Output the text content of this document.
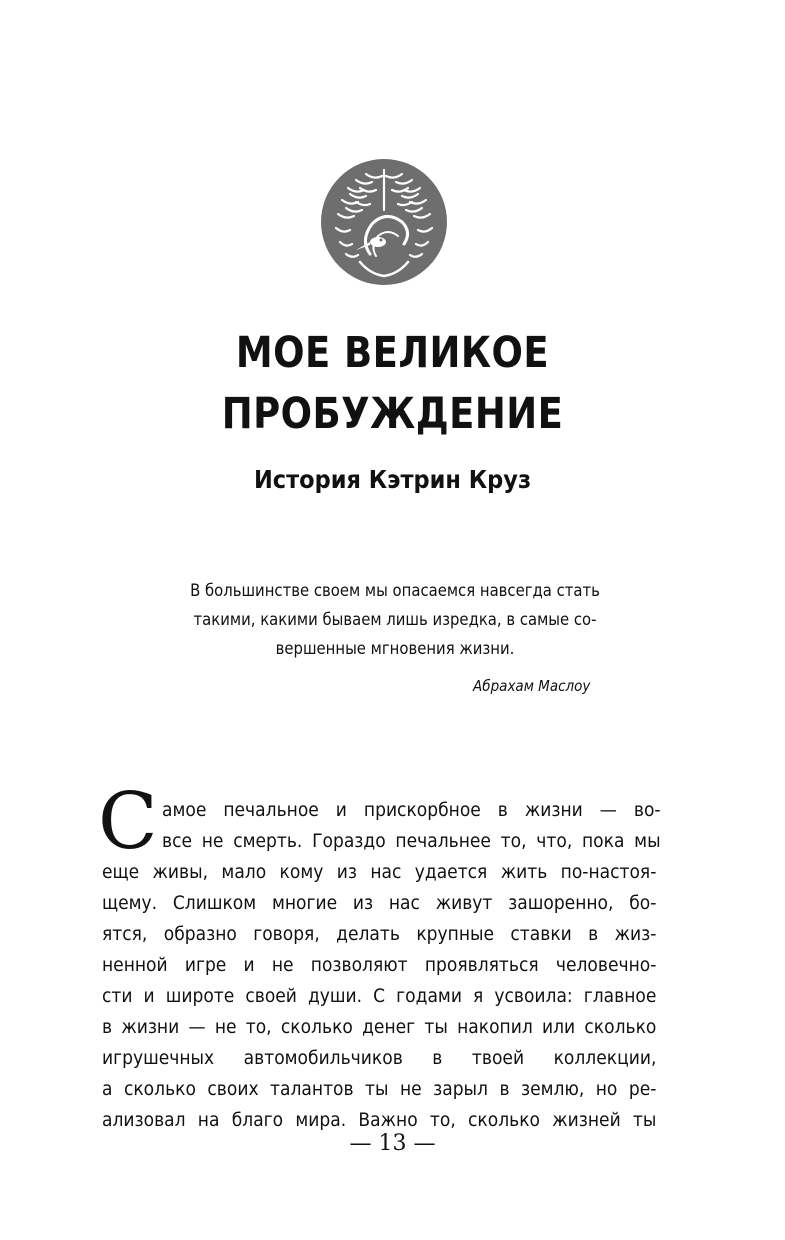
МОЕ ВЕЛИКОЕ
ПРОБУЖДЕНИЕ
История Кэтрин Круз

В большинстве своем мы опасаемся навсегда стать

такими, какими бываем лишь изредка, в самые со-

вершенные мгновения жизни.

Абрахам Маслоу

С амое печальное и прискорбное в жизни — во-
все не смерть. Гораздо печальнее то, что, пока мы
еще живы, мало кому из нас удается жить по-настоя-
щему. Слишком многие из нас живут зашоренно, бо-
ятся, образно говоря, делать крупные ставки в жиз-
ненной игре и не позволяют проявляться человечно-
сти и широте своей души. С годами я усвоила: главное
в жизни — не то, сколько денег ты накопил или сколько
игрушечных автомобильчиков в твоей коллекции,
а сколько своих талантов ты не зарыл в землю, но ре-
ализовал на благо мира. Важно то, сколько жизней ты
— 13 —
